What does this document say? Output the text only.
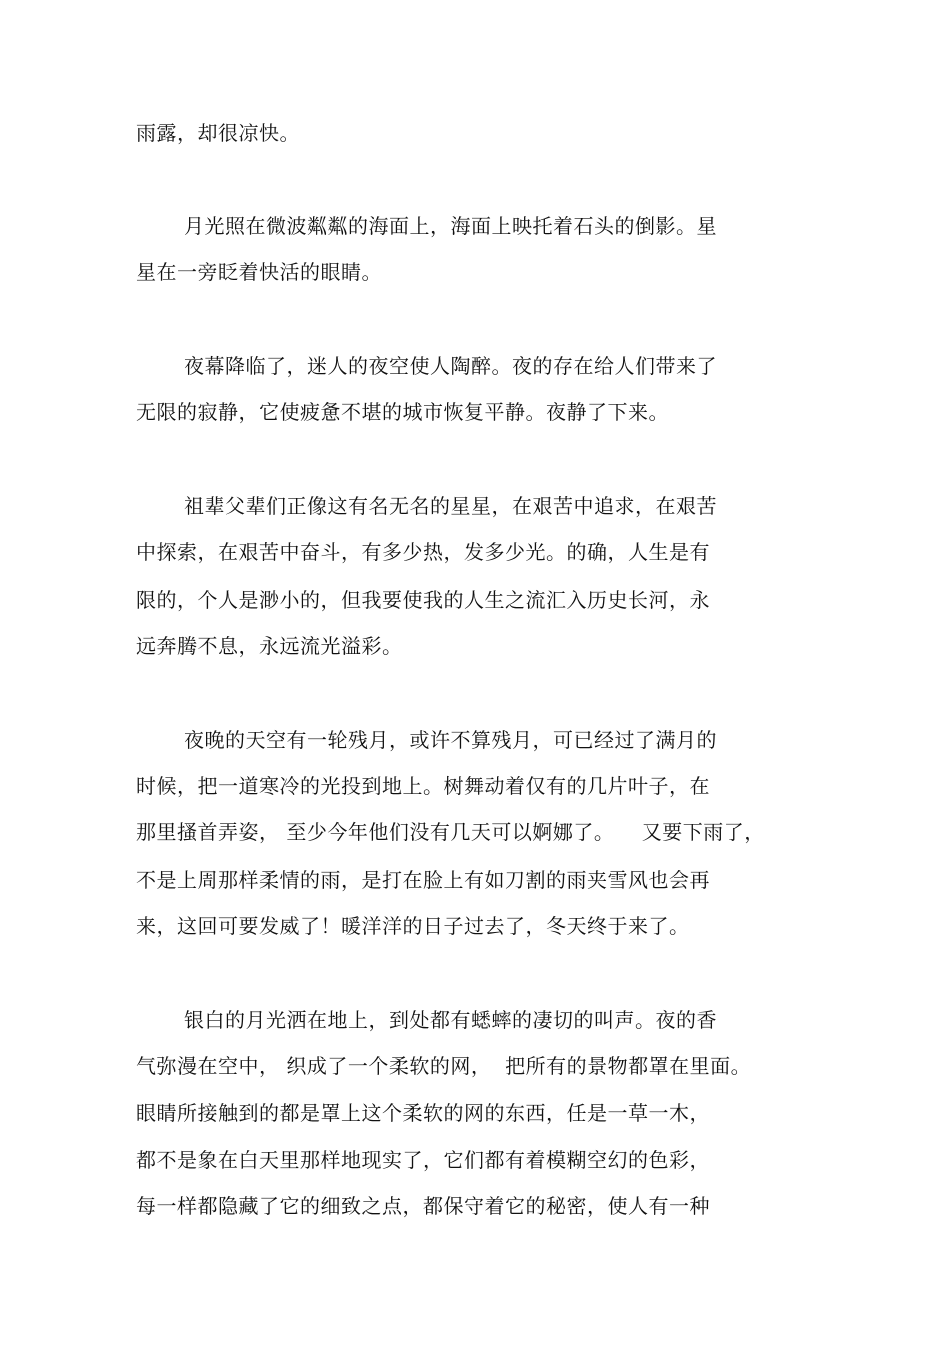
雨露，却很凉快。
月光照在微波粼粼的海面上，海面上映托着石头的倒影。星
星在一旁眨着快活的眼睛。
夜幕降临了，迷人的夜空使人陶醉。夜的存在给人们带来了
无限的寂静，它使疲惫不堪的城市恢复平静。夜静了下来。
祖辈父辈们正像这有名无名的星星，在艰苦中追求，在艰苦
中探索，在艰苦中奋斗，有多少热，发多少光。的确，人生是有
限的，个人是渺小的，但我要使我的人生之流汇入历史长河，永
远奔腾不息，永远流光溢彩。
夜晚的天空有一轮残月，或许不算残月，可已经过了满月的
时候，把一道寒冷的光投到地上。树舞动着仅有的几片叶子，在
那里搔首弄姿， 至少今年他们没有几天可以婀娜了。    又要下雨了，
不是上周那样柔情的雨，是打在脸上有如刀割的雨夹雪风也会再
来，这回可要发威了！暖洋洋的日子过去了，冬天终于来了。
银白的月光洒在地上，到处都有蟋蟀的凄切的叫声。夜的香
气弥漫在空中， 织成了一个柔软的网，  把所有的景物都罩在里面。
眼睛所接触到的都是罩上这个柔软的网的东西，任是一草一木，
都不是象在白天里那样地现实了，它们都有着模糊空幻的色彩，
每一样都隐藏了它的细致之点，都保守着它的秘密，使人有一种
